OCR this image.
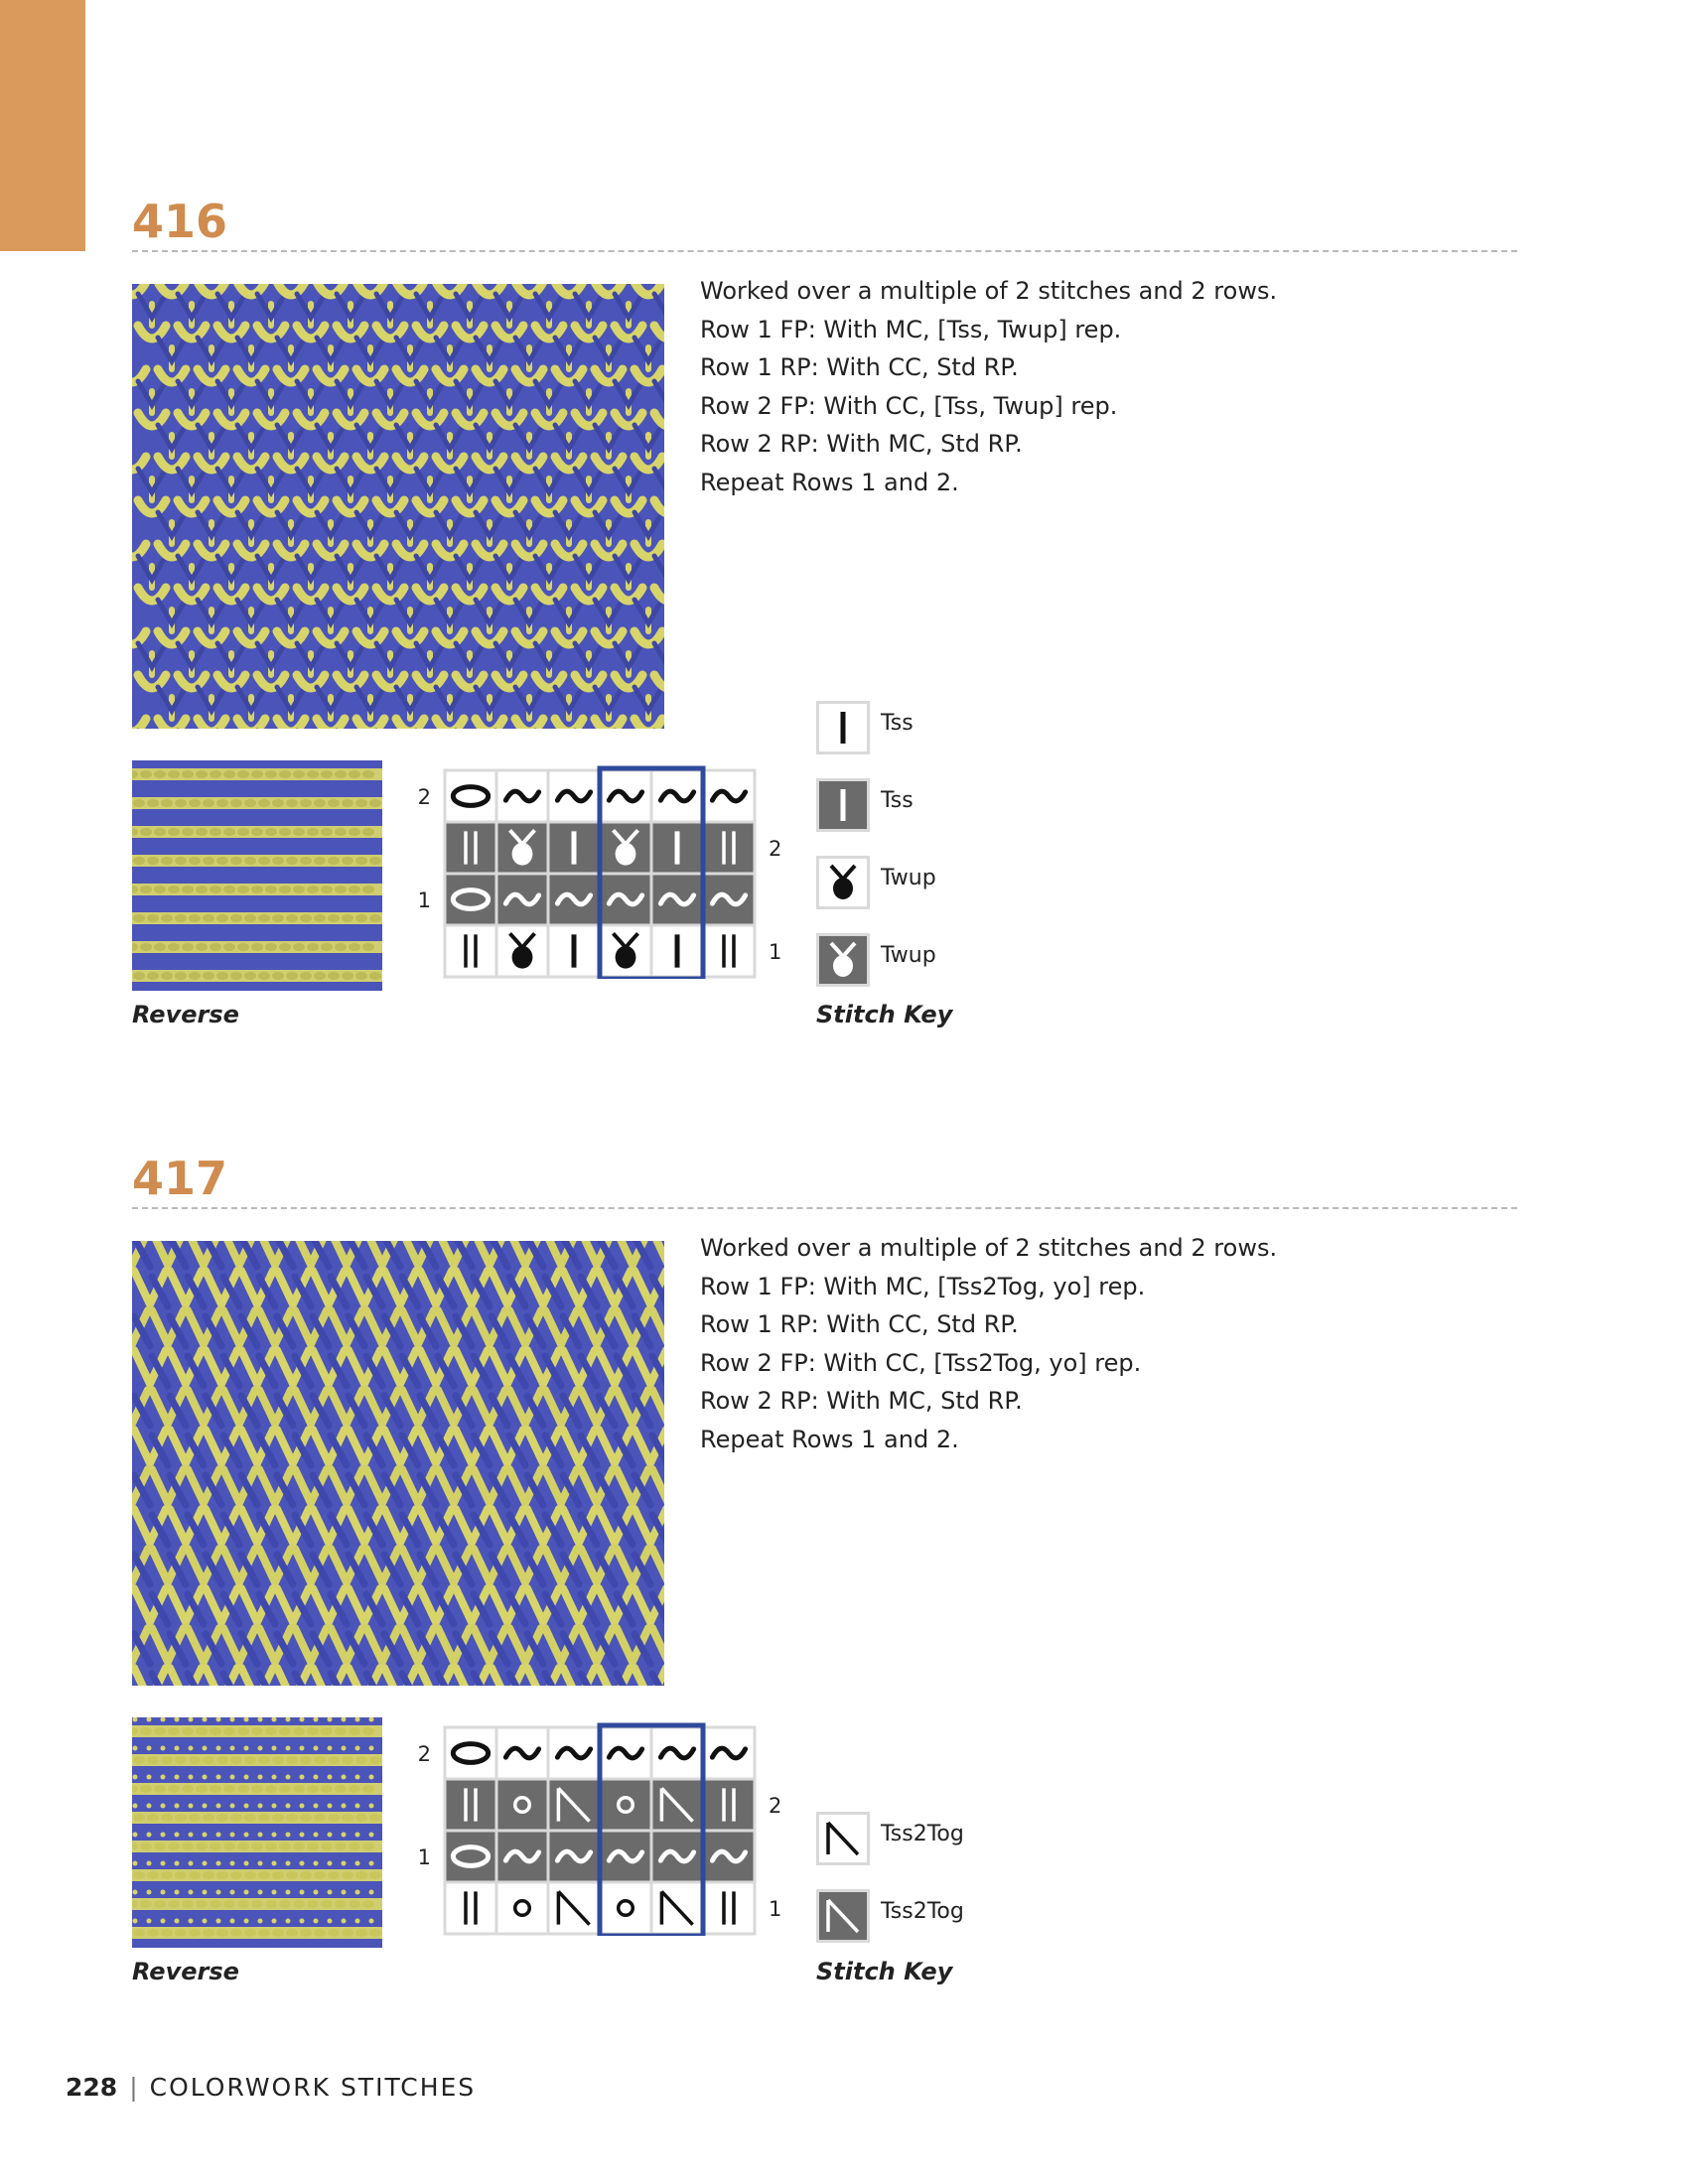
416
Worked over a multiple of 2 stitches and 2 rows.
Row 1 FP: With MC, [Tss, Twup] rep.
Row 1 RP: With CC, Std RP.
Row 2 FP: With CC, [Tss, Twup] rep.
Row 2 RP: With MC, Std RP.
Repeat Rows 1 and 2.
Reverse
2
1
2
1
Tss
Tss
Twup
Twup
Stitch Key
417
Worked over a multiple of 2 stitches and 2 rows.
Row 1 FP: With MC, [Tss2Tog, yo] rep.
Row 1 RP: With CC, Std RP.
Row 2 FP: With CC, [Tss2Tog, yo] rep.
Row 2 RP: With MC, Std RP.
Repeat Rows 1 and 2.
Reverse
2
1
2
1
Tss2Tog
Tss2Tog
Stitch Key
228 | COLORWORK STITCHES
